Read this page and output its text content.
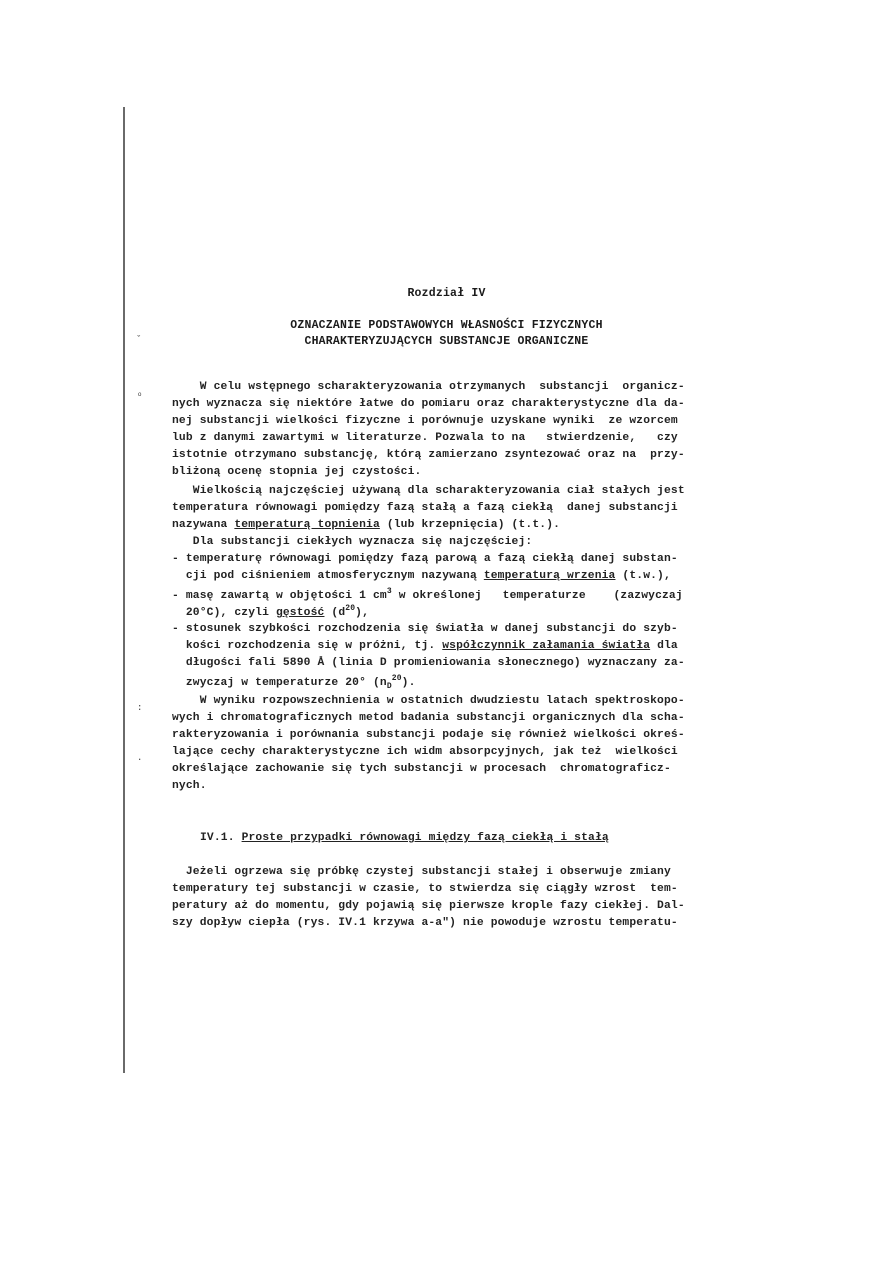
ˇ
ᵒ
:
·
Rozdział IV
OZNACZANIE PODSTAWOWYCH WŁASNOŚCI FIZYCZNYCH
CHARAKTERYZUJĄCYCH SUBSTANCJE ORGANICZNE
W celu wstępnego scharakteryzowania otrzymanych  substancji  organicz-
nych wyznacza się niektóre łatwe do pomiaru oraz charakterystyczne dla da-
nej substancji wielkości fizyczne i porównuje uzyskane wyniki  ze wzorcem
lub z danymi zawartymi w literaturze. Pozwala to na   stwierdzenie,   czy
istotnie otrzymano substancję, którą zamierzano zsyntezować oraz na  przy-
bliżoną ocenę stopnia jej czystości.
Wielkością najczęściej używaną dla scharakteryzowania ciał stałych jest
temperatura równowagi pomiędzy fazą stałą a fazą ciekłą  danej substancji
nazywana temperaturą topnienia (lub krzepnięcia) (t.t.).
Dla substancji ciekłych wyznacza się najczęściej:
- temperaturę równowagi pomiędzy fazą parową a fazą ciekłą danej substan-
cji pod ciśnieniem atmosferycznym nazywaną temperaturą wrzenia (t.w.),
- masę zawartą w objętości 1 $cm^3$ w określonej   temperaturze    (zazwyczaj
20°C), czyli gęstość $(d^{20})$,
- stosunek szybkości rozchodzenia się światła w danej substancji do szyb-
kości rozchodzenia się w próżni, tj. współczynnik załamania światła dla
długości fali 5890 Å (linia D promieniowania słonecznego) wyznaczany za-
zwyczaj w temperaturze 20° $(n_D^{20})$.
W wyniku rozpowszechnienia w ostatnich dwudziestu latach spektroskopo-
wych i chromatograficznych metod badania substancji organicznych dla scha-
rakteryzowania i porównania substancji podaje się również wielkości okreś-
lające cechy charakterystyczne ich widm absorpcyjnych, jak też  wielkości
określające zachowanie się tych substancji w procesach  chromatograficz-
nych.
IV.1. Proste przypadki równowagi między fazą ciekłą i stałą
Jeżeli ogrzewa się próbkę czystej substancji stałej i obserwuje zmiany
temperatury tej substancji w czasie, to stwierdza się ciągły wzrost  tem-
peratury aż do momentu, gdy pojawią się pierwsze krople fazy ciekłej. Dal-
szy dopływ ciepła (rys. IV.1 krzywa a-a") nie powoduje wzrostu temperatu-
